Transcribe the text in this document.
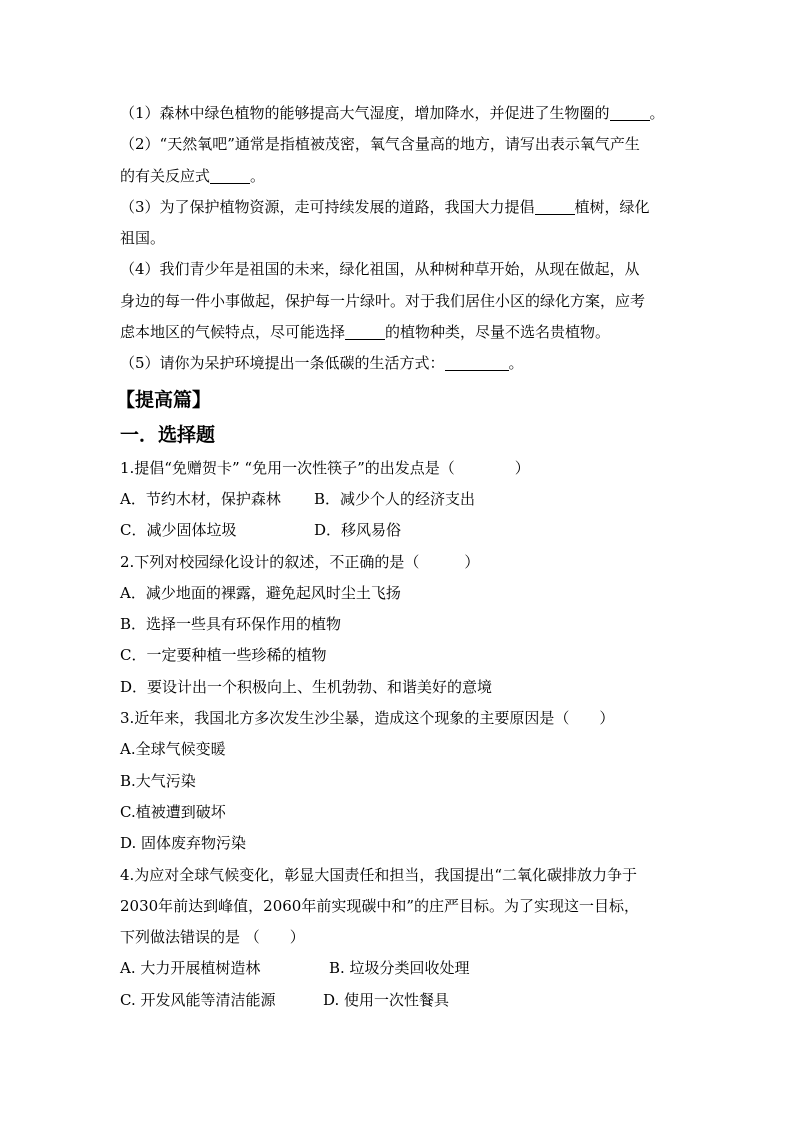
（1）森林中绿色植物的能够提高大气湿度，增加降水，并促进了生物圈的	。
（2）“天然氧吧”通常是指植被茂密，氧气含量高的地方，请写出表示氧气产生
的有关反应式	。
（3）为了保护植物资源，走可持续发展的道路，我国大力提倡	植树，绿化
祖国。
（4）我们青少年是祖国的未来，绿化祖国，从种树种草开始，从现在做起，从
身边的每一件小事做起，保护每一片绿叶。对于我们居住小区的绿化方案，应考
虑本地区的气候特点，尽可能选择	的植物种类，尽量不选名贵植物。
（5）请你为呆护环境提出一条低碳的生活方式：	。
【提高篇】
一．选择题
1.提倡“免赠贺卡” “免用一次性筷子”的出发点是（　　　　）
A．节约木材，保护森林 B．减少个人的经济支出
C．减少固体垃圾	D．移风易俗
2.下列对校园绿化设计的叙述，不正确的是（　　　）
A．减少地面的裸露，避免起风时尘土飞扬
B．选择一些具有环保作用的植物
C．一定要种植一些珍稀的植物
D．要设计出一个积极向上、生机勃勃、和谐美好的意境
3.近年来，我国北方多次发生沙尘暴，造成这个现象的主要原因是（　　）
A.全球气候变暖
B.大气污染
C.植被遭到破坏
D. 固体废弃物污染
4.为应对全球气候变化，彰显大国责任和担当，我国提出“二氧化碳排放力争于
2030年前达到峰值，2060年前实现碳中和”的庄严目标。为了实现这一目标，
下列做法错误的是 （　　）
A. 大力开展植树造林	B. 垃圾分类回收处理
C. 开发风能等清洁能源	D. 使用一次性餐具
